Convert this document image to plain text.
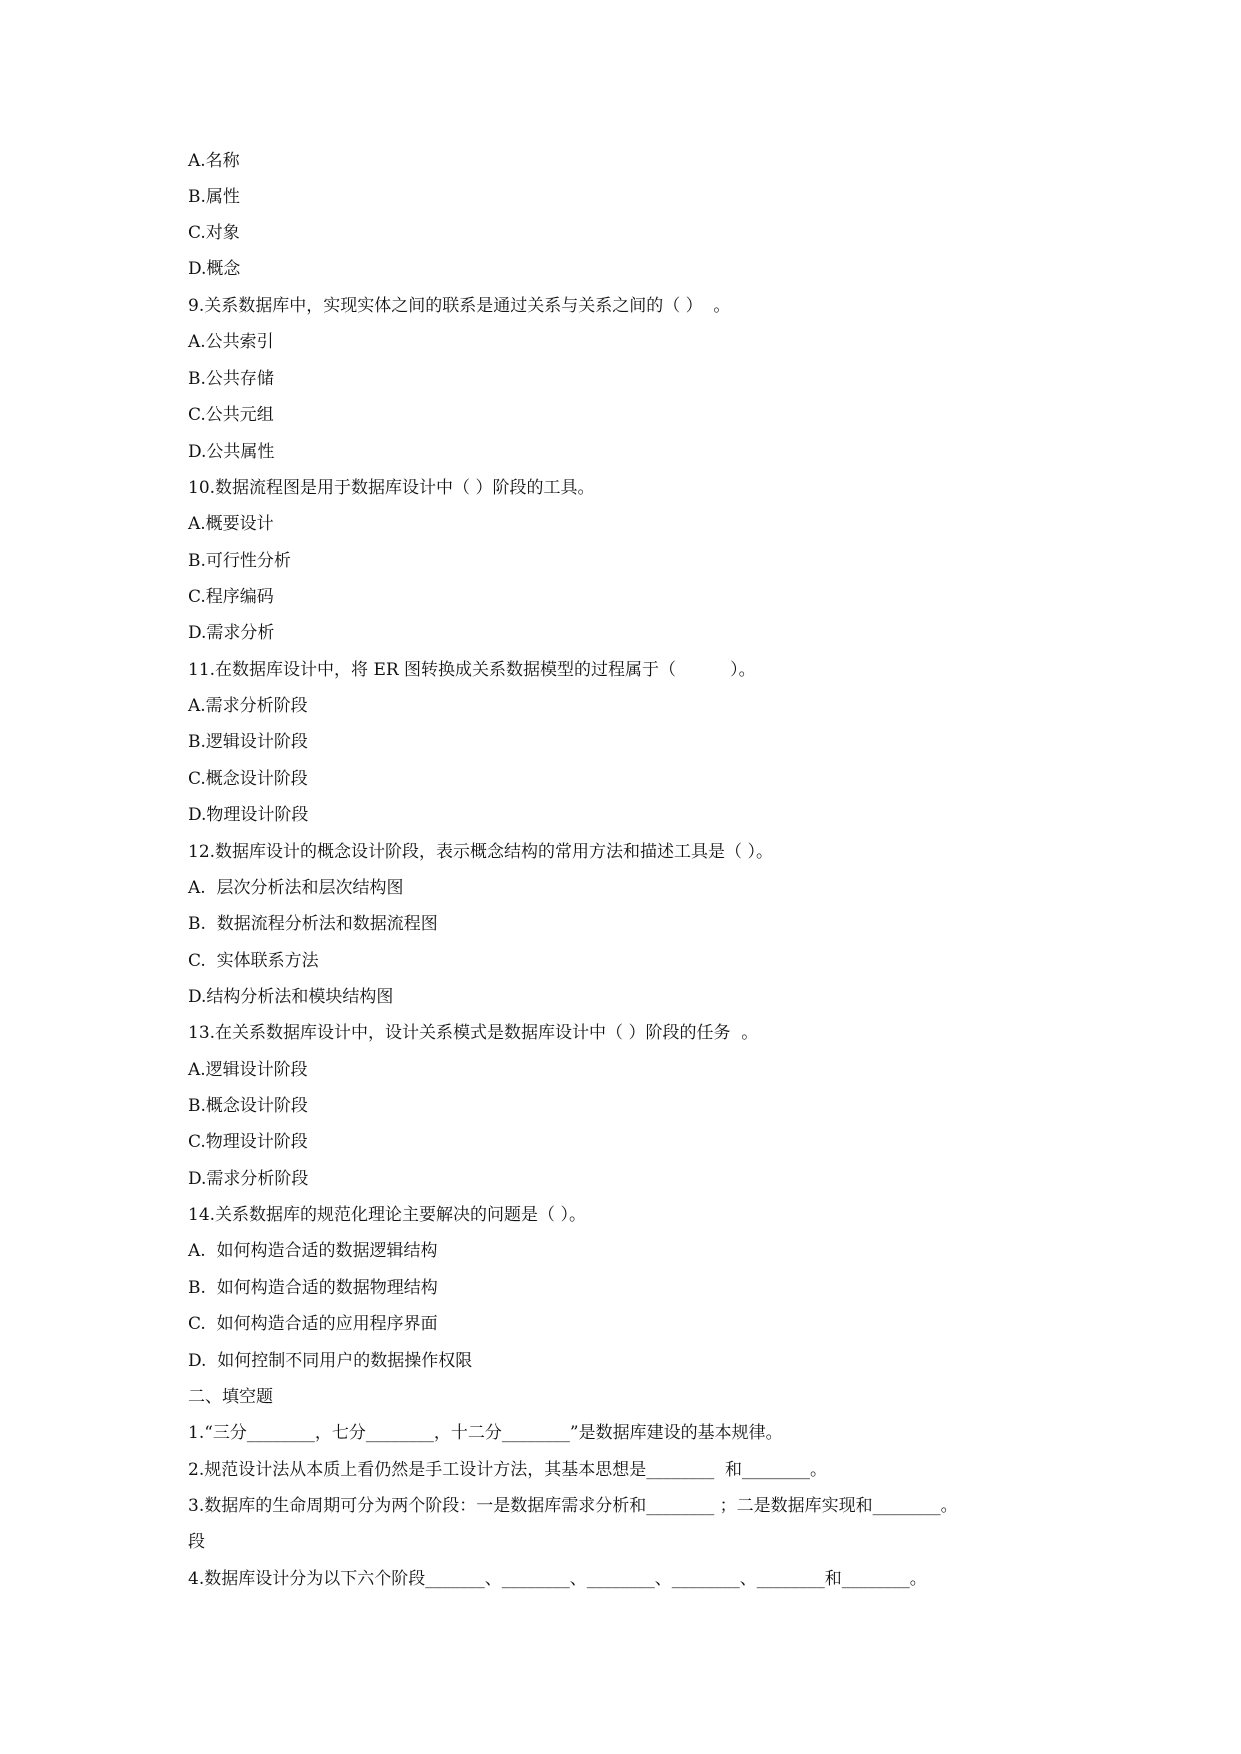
A.名称
B.属性
C.对象
D.概念
9.关系数据库中，实现实体之间的联系是通过关系与关系之间的（ ）  。
A.公共索引
B.公共存储
C.公共元组
D.公共属性
10.数据流程图是用于数据库设计中（ ）阶段的工具。
A.概要设计
B.可行性分析
C.程序编码
D.需求分析
11.在数据库设计中，将 ER 图转换成关系数据模型的过程属于（          ）。
A.需求分析阶段
B.逻辑设计阶段
C.概念设计阶段
D.物理设计阶段
12.数据库设计的概念设计阶段，表示概念结构的常用方法和描述工具是（ ）。
A.  层次分析法和层次结构图
B.  数据流程分析法和数据流程图
C.  实体联系方法
D.结构分析法和模块结构图
13.在关系数据库设计中，设计关系模式是数据库设计中（ ）阶段的任务  。
A.逻辑设计阶段
B.概念设计阶段
C.物理设计阶段
D.需求分析阶段
14.关系数据库的规范化理论主要解决的问题是（ ）。
A.  如何构造合适的数据逻辑结构
B.  如何构造合适的数据物理结构
C.  如何构造合适的应用程序界面
D.  如何控制不同用户的数据操作权限
二、填空题
1.“三分________，七分________，十二分________”是数据库建设的基本规律。
2.规范设计法从本质上看仍然是手工设计方法，其基本思想是________  和________。
3.数据库的生命周期可分为两个阶段：一是数据库需求分析和________ ；二是数据库实现和________。
段
4.数据库设计分为以下六个阶段_______、________、________、________、________和________。
